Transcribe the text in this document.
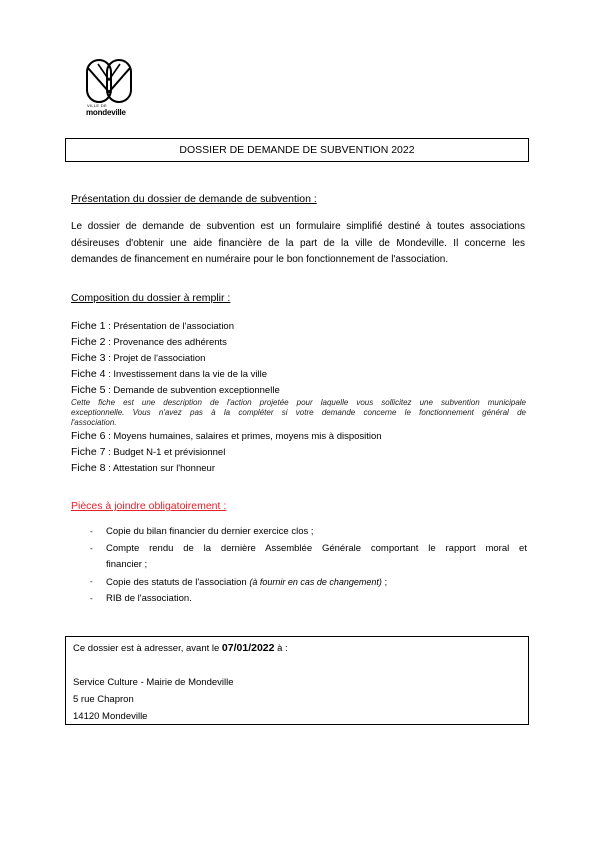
VILLE DE
mondeville
DOSSIER DE DEMANDE DE SUBVENTION 2022
Présentation du dossier de demande de subvention :
Le dossier de demande de subvention est un formulaire simplifié destiné à toutes associations
désireuses d'obtenir une aide financière de la part de la ville de Mondeville. Il concerne les
demandes de financement en numéraire pour le bon fonctionnement de l'association.
Composition du dossier à remplir :
Fiche 1 : Présentation de l'association
Fiche 2 : Provenance des adhérents
Fiche 3 : Projet de l'association
Fiche 4 : Investissement dans la vie de la ville
Fiche 5 : Demande de subvention exceptionnelle
Cette fiche est une description de l'action projetée pour laquelle vous sollicitez une subvention municipale
exceptionnelle. Vous n'avez pas à la compléter si votre demande concerne le fonctionnement général de
l'association.
Fiche 6 : Moyens humaines, salaires et primes, moyens mis à disposition
Fiche 7 : Budget N-1 et prévisionnel
Fiche 8 : Attestation sur l'honneur
Pièces à joindre obligatoirement :
- Copie du bilan financier du dernier exercice clos ;
- Compte rendu de la dernière Assemblée Générale comportant le rapport moral et
financier ;
- Copie des statuts de l'association (à fournir en cas de changement) ;
- RIB de l'association.
Ce dossier est à adresser, avant le 07/01/2022 à :
Service Culture - Mairie de Mondeville
5 rue Chapron
14120 Mondeville
